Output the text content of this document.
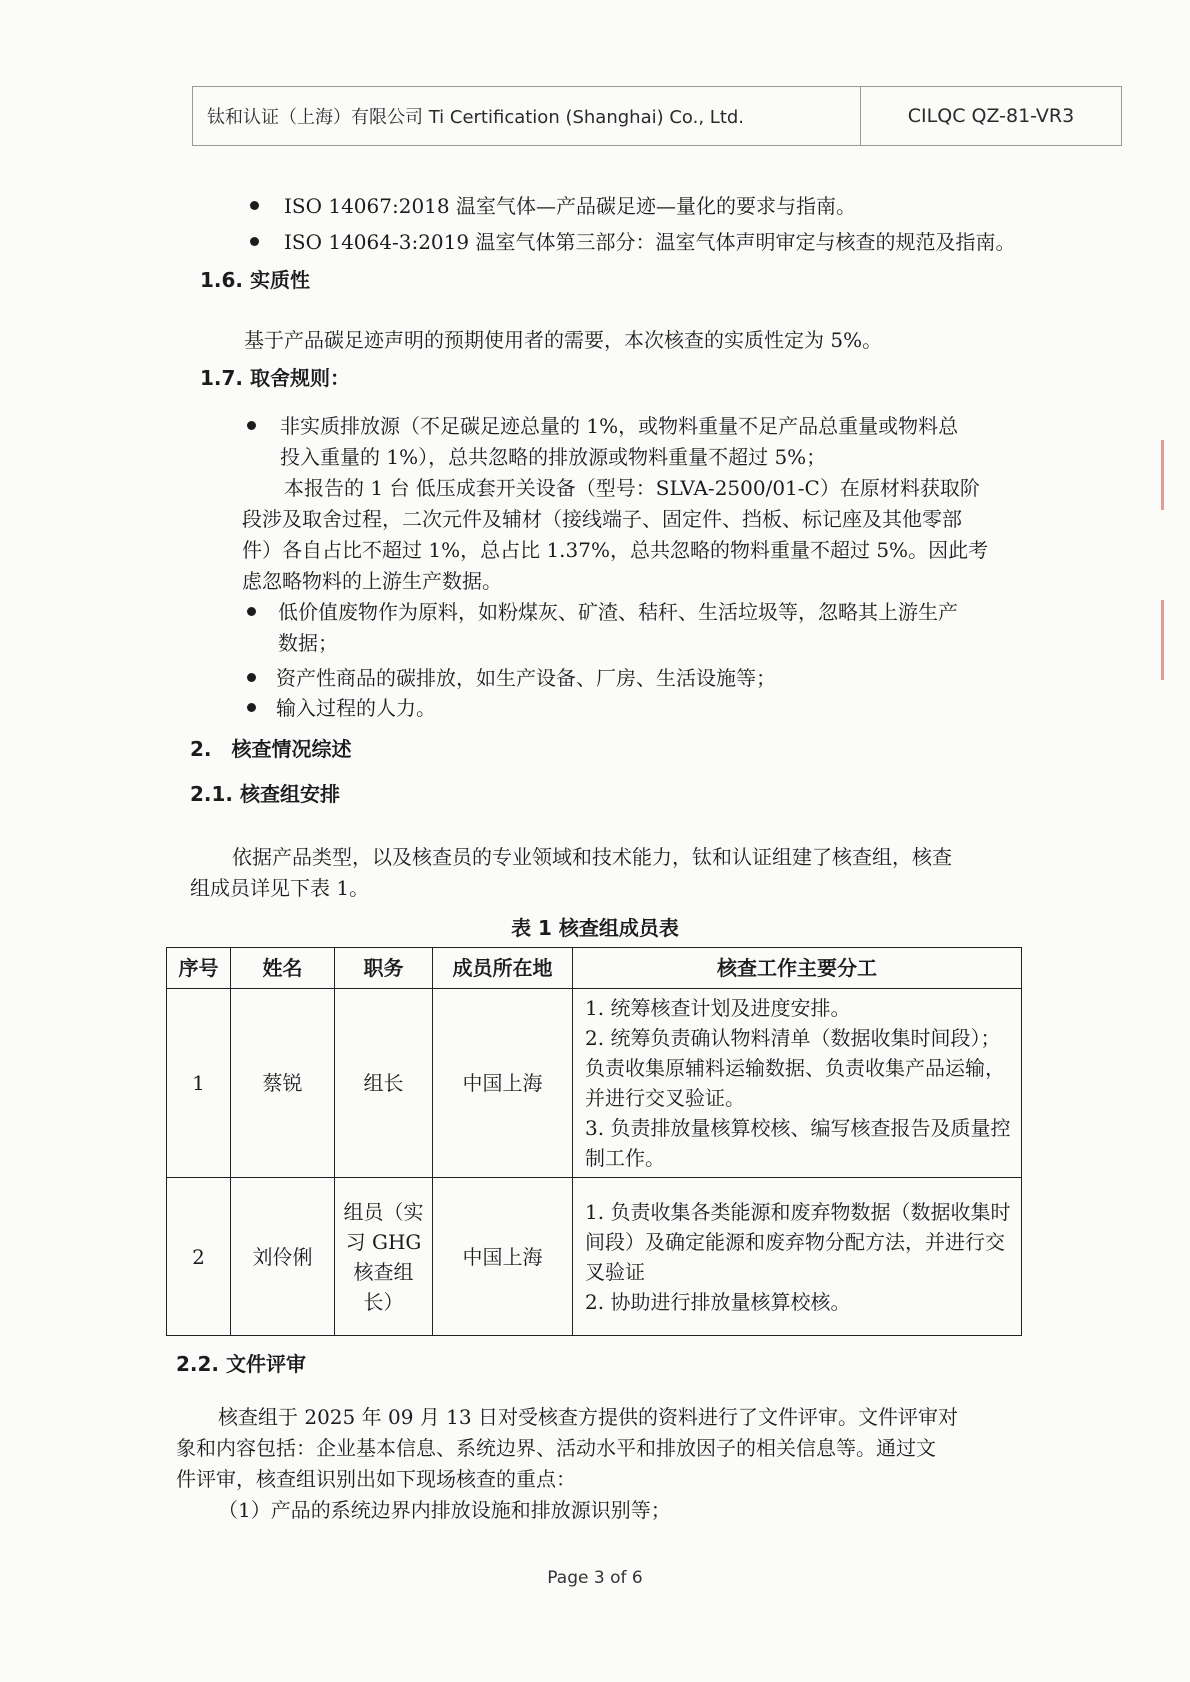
钛和认证（上海）有限公司 Ti Certification (Shanghai) Co., Ltd.	CILQC QZ-81-VR3
ISO 14067:2018 温室气体—产品碳足迹—量化的要求与指南。
ISO 14064-3:2019 温室气体第三部分：温室气体声明审定与核查的规范及指南。
1.6. 实质性
基于产品碳足迹声明的预期使用者的需要，本次核查的实质性定为 5%。
1.7. 取舍规则：
非实质排放源（不足碳足迹总量的 1%，或物料重量不足产品总重量或物料总
投入重量的 1%），总共忽略的排放源或物料重量不超过 5%；
本报告的 1 台 低压成套开关设备（型号：SLVA-2500/01-C）在原材料获取阶
段涉及取舍过程，二次元件及辅材（接线端子、固定件、挡板、标记座及其他零部
件）各自占比不超过 1%，总占比 1.37%，总共忽略的物料重量不超过 5%。因此考
虑忽略物料的上游生产数据。
低价值废物作为原料，如粉煤灰、矿渣、秸秆、生活垃圾等，忽略其上游生产
数据；
资产性商品的碳排放，如生产设备、厂房、生活设施等；
输入过程的人力。
2.　核查情况综述
2.1. 核查组安排
依据产品类型，以及核查员的专业领域和技术能力，钛和认证组建了核查组，核查
组成员详见下表 1。
表 1 核查组成员表
序号	姓名	职务	成员所在地	核查工作主要分工
1	蔡锐	组长	中国上海	1. 统筹核查计划及进度安排。
2. 统筹负责确认物料清单（数据收集时间段）；负责收集原辅料运输数据、负责收集产品运输，并进行交叉验证。
3. 负责排放量核算校核、编写核查报告及质量控制工作。

2	刘伶俐	组员（实习 GHG 核查组长）	中国上海	1. 负责收集各类能源和废弃物数据（数据收集时间段）及确定能源和废弃物分配方法，并进行交叉验证
2. 协助进行排放量核算校核。
2.2. 文件评审
核查组于 2025 年 09 月 13 日对受核查方提供的资料进行了文件评审。文件评审对
象和内容包括：企业基本信息、系统边界、活动水平和排放因子的相关信息等。通过文
件评审，核查组识别出如下现场核查的重点：
（1）产品的系统边界内排放设施和排放源识别等；
Page 3 of 6
